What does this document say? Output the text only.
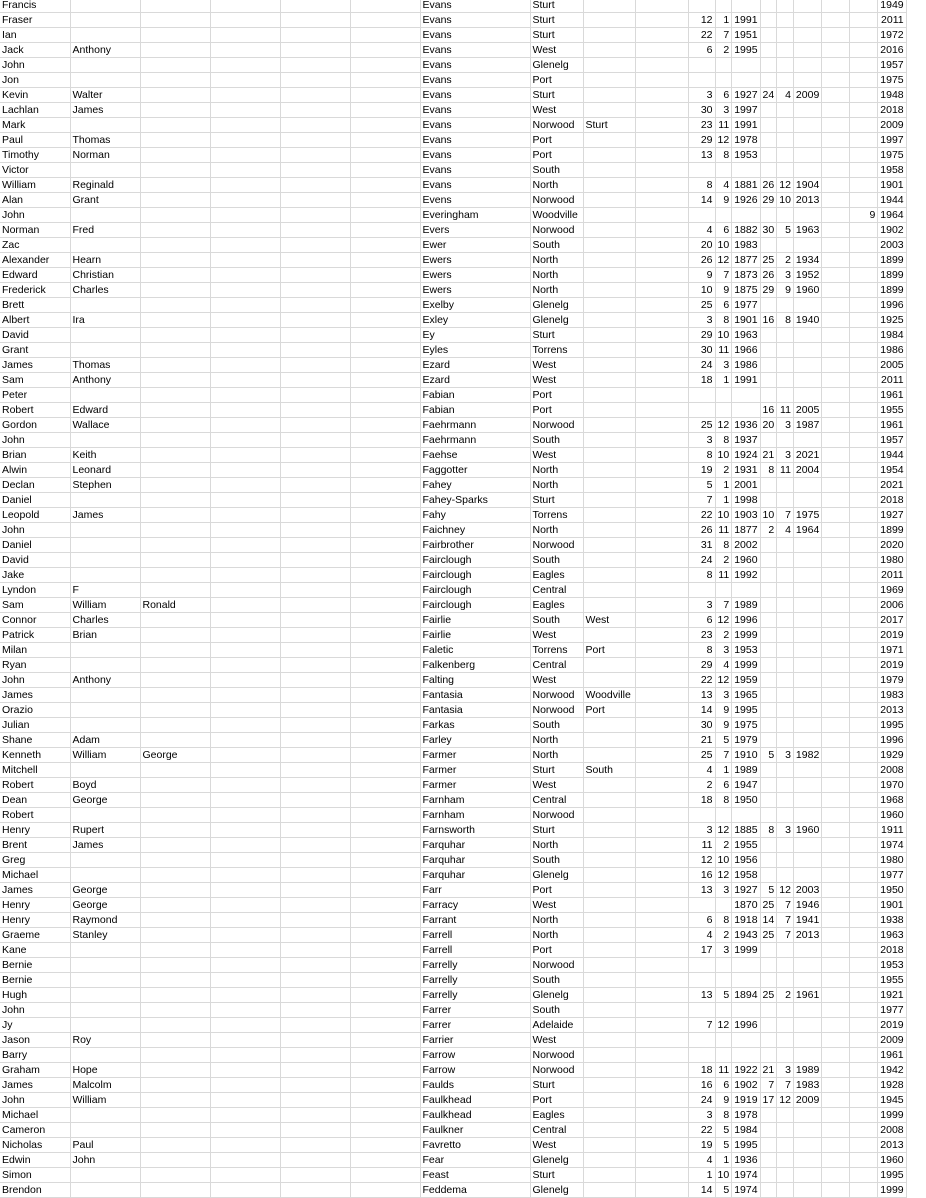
Francis						Evans	Sturt											1949
Fraser						Evans	Sturt			12	1	1991						2011
Ian						Evans	Sturt			22	7	1951						1972
Jack	Anthony					Evans	West			6	2	1995						2016
John						Evans	Glenelg											1957
Jon						Evans	Port											1975
Kevin	Walter					Evans	Sturt			3	6	1927	24	4	2009			1948
Lachlan	James					Evans	West			30	3	1997						2018
Mark						Evans	Norwood	Sturt		23	11	1991						2009
Paul	Thomas					Evans	Port			29	12	1978						1997
Timothy	Norman					Evans	Port			13	8	1953						1975
Victor						Evans	South											1958
William	Reginald					Evans	North			8	4	1881	26	12	1904			1901
Alan	Grant					Evens	Norwood			14	9	1926	29	10	2013			1944
John						Everingham	Woodville										9	1964
Norman	Fred					Evers	Norwood			4	6	1882	30	5	1963			1902
Zac						Ewer	South			20	10	1983						2003
Alexander	Hearn					Ewers	North			26	12	1877	25	2	1934			1899
Edward	Christian					Ewers	North			9	7	1873	26	3	1952			1899
Frederick	Charles					Ewers	North			10	9	1875	29	9	1960			1899
Brett						Exelby	Glenelg			25	6	1977						1996
Albert	Ira					Exley	Glenelg			3	8	1901	16	8	1940			1925
David						Ey	Sturt			29	10	1963						1984
Grant						Eyles	Torrens			30	11	1966						1986
James	Thomas					Ezard	West			24	3	1986						2005
Sam	Anthony					Ezard	West			18	1	1991						2011
Peter						Fabian	Port											1961
Robert	Edward					Fabian	Port						16	11	2005			1955
Gordon	Wallace					Faehrmann	Norwood			25	12	1936	20	3	1987			1961
John						Faehrmann	South			3	8	1937						1957
Brian	Keith					Faehse	West			8	10	1924	21	3	2021			1944
Alwin	Leonard					Faggotter	North			19	2	1931	8	11	2004			1954
Declan	Stephen					Fahey	North			5	1	2001						2021
Daniel						Fahey-Sparks	Sturt			7	1	1998						2018
Leopold	James					Fahy	Torrens			22	10	1903	10	7	1975			1927
John						Faichney	North			26	11	1877	2	4	1964			1899
Daniel						Fairbrother	Norwood			31	8	2002						2020
David						Fairclough	South			24	2	1960						1980
Jake						Fairclough	Eagles			8	11	1992						2011
Lyndon	F					Fairclough	Central											1969
Sam	William	Ronald				Fairclough	Eagles			3	7	1989						2006
Connor	Charles					Fairlie	South	West		6	12	1996						2017
Patrick	Brian					Fairlie	West			23	2	1999						2019
Milan						Faletic	Torrens	Port		8	3	1953						1971
Ryan						Falkenberg	Central			29	4	1999						2019
John	Anthony					Falting	West			22	12	1959						1979
James						Fantasia	Norwood	Woodville		13	3	1965						1983
Orazio						Fantasia	Norwood	Port		14	9	1995						2013
Julian						Farkas	South			30	9	1975						1995
Shane	Adam					Farley	North			21	5	1979						1996
Kenneth	William	George				Farmer	North			25	7	1910	5	3	1982			1929
Mitchell						Farmer	Sturt	South		4	1	1989						2008
Robert	Boyd					Farmer	West			2	6	1947						1970
Dean	George					Farnham	Central			18	8	1950						1968
Robert						Farnham	Norwood											1960
Henry	Rupert					Farnsworth	Sturt			3	12	1885	8	3	1960			1911
Brent	James					Farquhar	North			11	2	1955						1974
Greg						Farquhar	South			12	10	1956						1980
Michael						Farquhar	Glenelg			16	12	1958						1977
James	George					Farr	Port			13	3	1927	5	12	2003			1950
Henry	George					Farracy	West					1870	25	7	1946			1901
Henry	Raymond					Farrant	North			6	8	1918	14	7	1941			1938
Graeme	Stanley					Farrell	North			4	2	1943	25	7	2013			1963
Kane						Farrell	Port			17	3	1999						2018
Bernie						Farrelly	Norwood											1953
Bernie						Farrelly	South											1955
Hugh						Farrelly	Glenelg			13	5	1894	25	2	1961			1921
John						Farrer	South											1977
Jy						Farrer	Adelaide			7	12	1996						2019
Jason	Roy					Farrier	West											2009
Barry						Farrow	Norwood											1961
Graham	Hope					Farrow	Norwood			18	11	1922	21	3	1989			1942
James	Malcolm					Faulds	Sturt			16	6	1902	7	7	1983			1928
John	William					Faulkhead	Port			24	9	1919	17	12	2009			1945
Michael						Faulkhead	Eagles			3	8	1978						1999
Cameron						Faulkner	Central			22	5	1984						2008
Nicholas	Paul					Favretto	West			19	5	1995						2013
Edwin	John					Fear	Glenelg			4	1	1936						1960
Simon						Feast	Sturt			1	10	1974						1995
Brendon						Feddema	Glenelg			14	5	1974						1999
